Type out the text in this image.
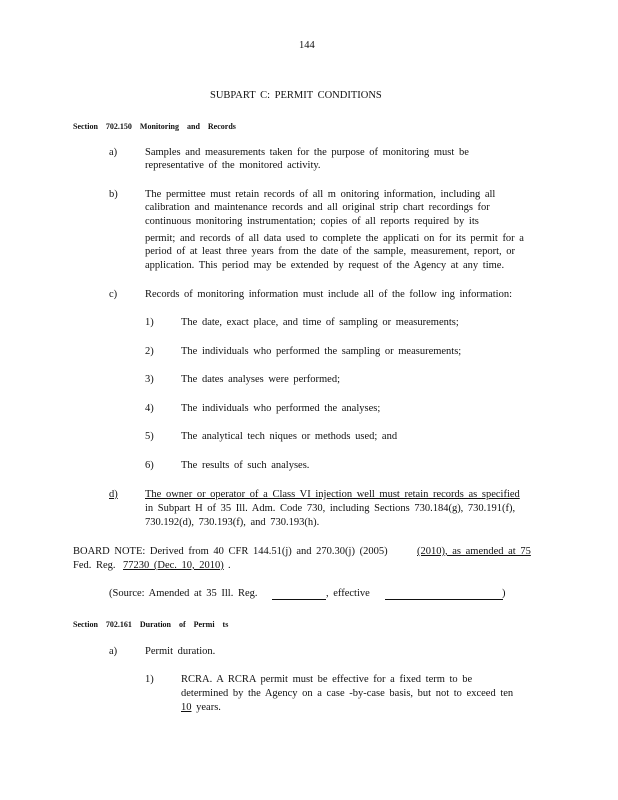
144
SUBPART C: PERMIT CONDITIONS
Section 702.150 Monitoring and Records
a)	Samples and measurements taken for the purpose of monitoring must be
representative of the monitored activity.
b)	The permittee must retain records of all m onitoring information, including all
calibration and maintenance records and all original strip chart recordings for
continuous monitoring instrumentation; copies of all reports required by its
permit; and records of all data used to complete the applicati on for its permit for a
period of at least three years from the date of the sample, measurement, report, or
application. This period may be extended by request of the Agency at any time.
c)	Records of monitoring information must include all of the follow ing information:
1)	The date, exact place, and time of sampling or measurements;
2)	The individuals who performed the sampling or measurements;
3)	The dates analyses were performed;
4)	The individuals who performed the analyses;
5)	The analytical tech niques or methods used; and
6)	The results of such analyses.
d)	The owner or operator of a Class VI injection well must retain records as specified
in Subpart H of 35 Ill. Adm. Code 730, including Sections 730.184(g), 730.191(f),
730.192(d), 730.193(f), and 730.193(h).
BOARD NOTE: Derived from 40 CFR 144.51(j) and 270.30(j) (2005)	(2010), as amended at 75
Fed. Reg. 77230 (Dec. 10, 2010) .
(Source: Amended at 35 Ill. Reg.	, effective	)
Section 702.161 Duration of Permi ts
a)	Permit duration.
1)	RCRA. A RCRA permit must be effective for a fixed term to be
determined by the Agency on a case -by-case basis, but not to exceed ten
10 years.
